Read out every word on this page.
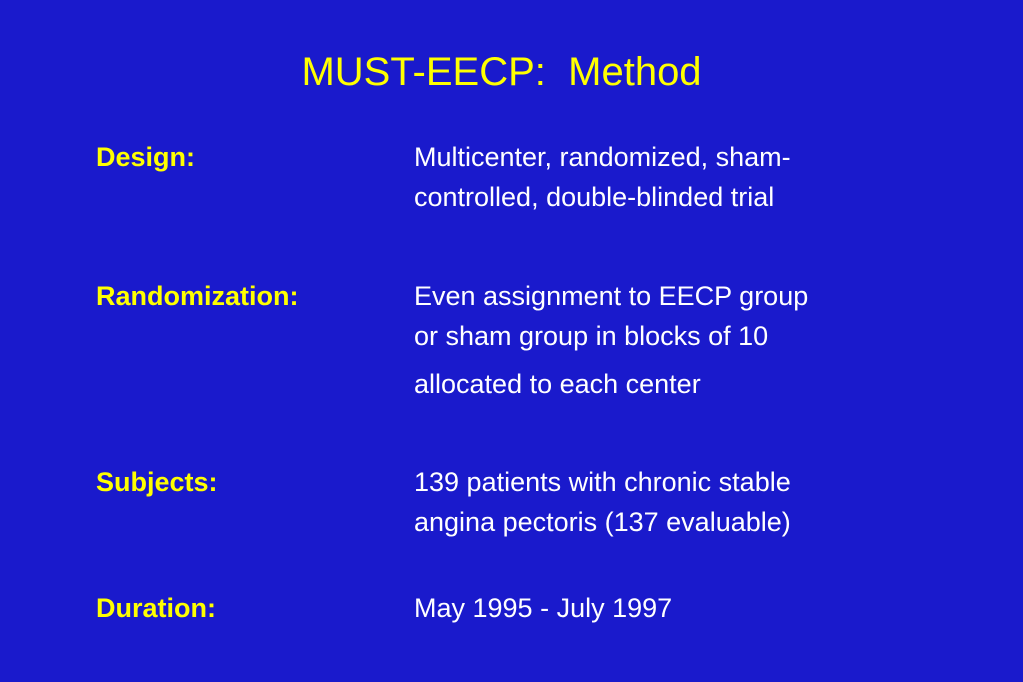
MUST-EECP:  Method
Design:	Multicenter, randomized, sham-
controlled, double-blinded trial
Randomization:	Even assignment to EECP group
or sham group in blocks of 10
allocated to each center
Subjects:	139 patients with chronic stable
angina pectoris (137 evaluable)
Duration:	May 1995 - July 1997
